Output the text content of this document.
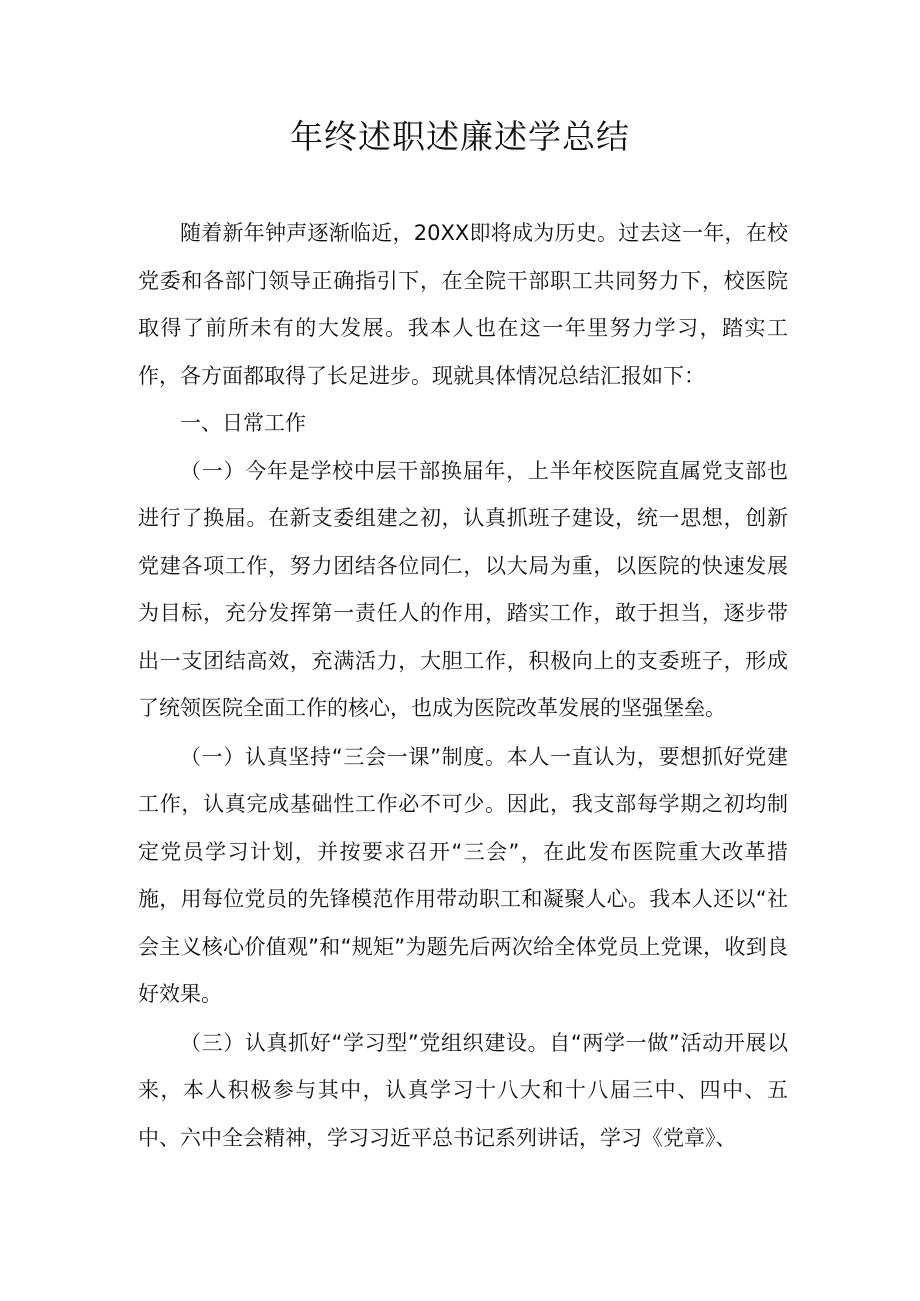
年终述职述廉述学总结

随着新年钟声逐渐临近，20XX即将成为历史。过去这一年，在校党委和各部门领导正确指引下，在全院干部职工共同努力下，校医院取得了前所未有的大发展。我本人也在这一年里努力学习，踏实工作，各方面都取得了长足进步。现就具体情况总结汇报如下：

一、日常工作

（一）今年是学校中层干部换届年，上半年校医院直属党支部也进行了换届。在新支委组建之初，认真抓班子建设，统一思想，创新党建各项工作，努力团结各位同仁，以大局为重，以医院的快速发展为目标，充分发挥第一责任人的作用，踏实工作，敢于担当，逐步带出一支团结高效，充满活力，大胆工作，积极向上的支委班子，形成了统领医院全面工作的核心，也成为医院改革发展的坚强堡垒。

（一）认真坚持“三会一课”制度。本人一直认为，要想抓好党建工作，认真完成基础性工作必不可少。因此，我支部每学期之初均制定党员学习计划，并按要求召开“三会”，在此发布医院重大改革措施，用每位党员的先锋模范作用带动职工和凝聚人心。我本人还以“社会主义核心价值观”和“规矩”为题先后两次给全体党员上党课，收到良好效果。

（三）认真抓好“学习型”党组织建设。自“两学一做”活动开展以来，本人积极参与其中，认真学习十八大和十八届三中、四中、五中、六中全会精神，学习习近平总书记系列讲话，学习《党章》、
